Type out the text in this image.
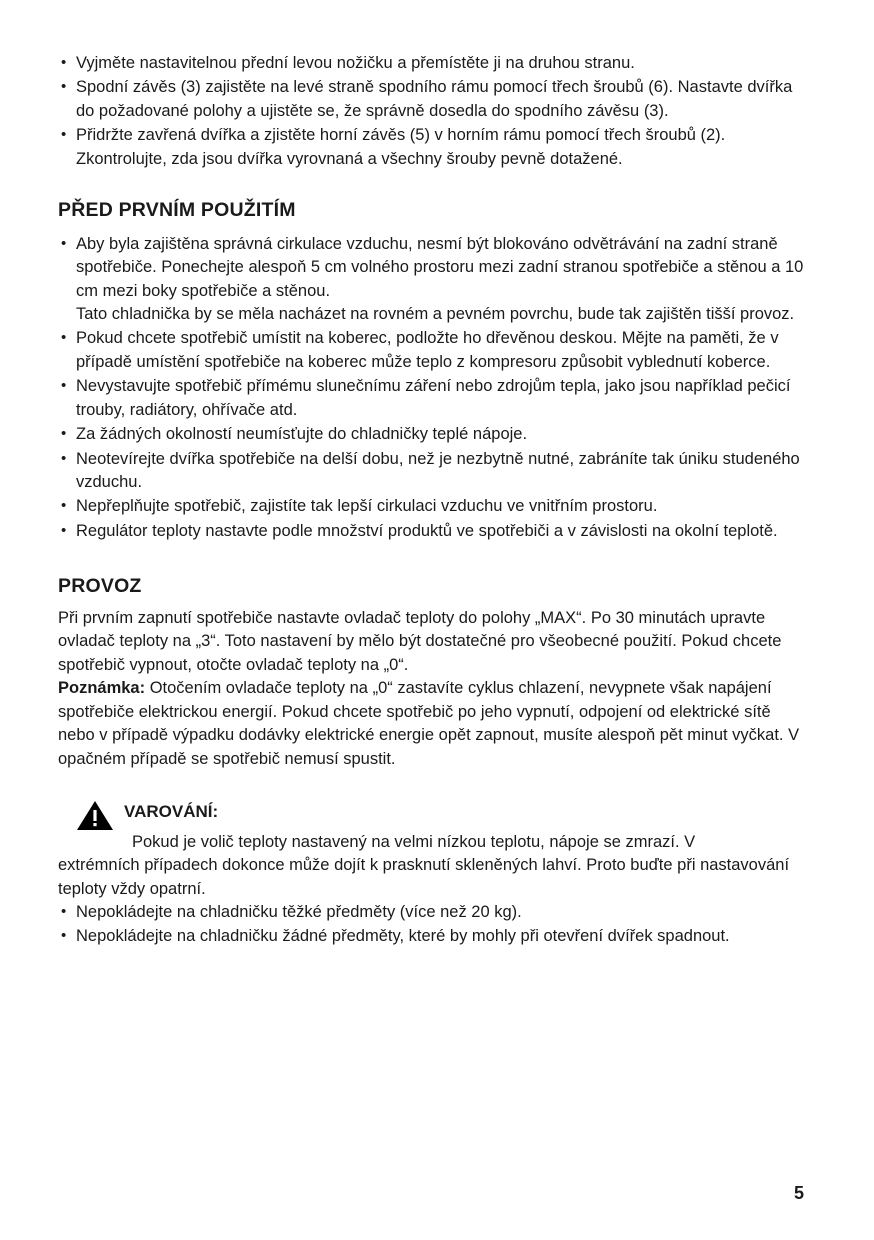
• Vyjměte nastavitelnou přední levou nožičku a přemístěte ji na druhou stranu.
• Spodní závěs (3) zajistěte na levé straně spodního rámu pomocí třech šroubů (6). Nastavte dvířka do požadované polohy a ujistěte se, že správně dosedla do spodního závěsu (3).
• Přidržte zavřená dvířka a zjistěte horní závěs (5) v horním rámu pomocí třech šroubů (2). Zkontrolujte, zda jsou dvířka vyrovnaná a všechny šrouby pevně dotažené.
PŘED PRVNÍM POUŽITÍM
• Aby byla zajištěna správná cirkulace vzduchu, nesmí být blokováno odvětrávání na zadní straně spotřebiče. Ponechejte alespoň 5 cm volného prostoru mezi zadní stranou spotřebiče a stěnou a 10 cm mezi boky spotřebiče a stěnou.
Tato chladnička by se měla nacházet na rovném a pevném povrchu, bude tak zajištěn tišší provoz.
• Pokud chcete spotřebič umístit na koberec, podložte ho dřevěnou deskou. Mějte na paměti, že v případě umístění spotřebiče na koberec může teplo z kompresoru způsobit vyblednutí koberce.
• Nevystavujte spotřebič přímému slunečnímu záření nebo zdrojům tepla, jako jsou například pečicí trouby, radiátory, ohřívače atd.
• Za žádných okolností neumísťujte do chladničky teplé nápoje.
• Neotevírejte dvířka spotřebiče na delší dobu, než je nezbytně nutné, zabráníte tak úniku studeného vzduchu.
• Nepřeplňujte spotřebič, zajistíte tak lepší cirkulaci vzduchu ve vnitřním prostoru.
• Regulátor teploty nastavte podle množství produktů ve spotřebiči a v závislosti na okolní teplotě.
PROVOZ

Při prvním zapnutí spotřebiče nastavte ovladač teploty do polohy „MAX“. Po 30 minutách upravte ovladač teploty na „3“. Toto nastavení by mělo být dostatečné pro všeobecné použití. Pokud chcete spotřebič vypnout, otočte ovladač teploty na „0“.

Poznámka: Otočením ovladače teploty na „0“ zastavíte cyklus chlazení, nevypnete však napájení spotřebiče elektrickou energií. Pokud chcete spotřebič po jeho vypnutí, odpojení od elektrické sítě nebo v případě výpadku dodávky elektrické energie opět zapnout, musíte alespoň pět minut vyčkat. V opačném případě se spotřebič nemusí spustit.

VAROVÁNÍ:

Pokud je volič teploty nastavený na velmi nízkou teplotu, nápoje se zmrazí. V

extrémních případech dokonce může dojít k prasknutí skleněných lahví. Proto buďte při nastavování teploty vždy opatrní.

• Nepokládejte na chladničku těžké předměty (více než 20 kg).
• Nepokládejte na chladničku žádné předměty, které by mohly při otevření dvířek spadnout.
5
